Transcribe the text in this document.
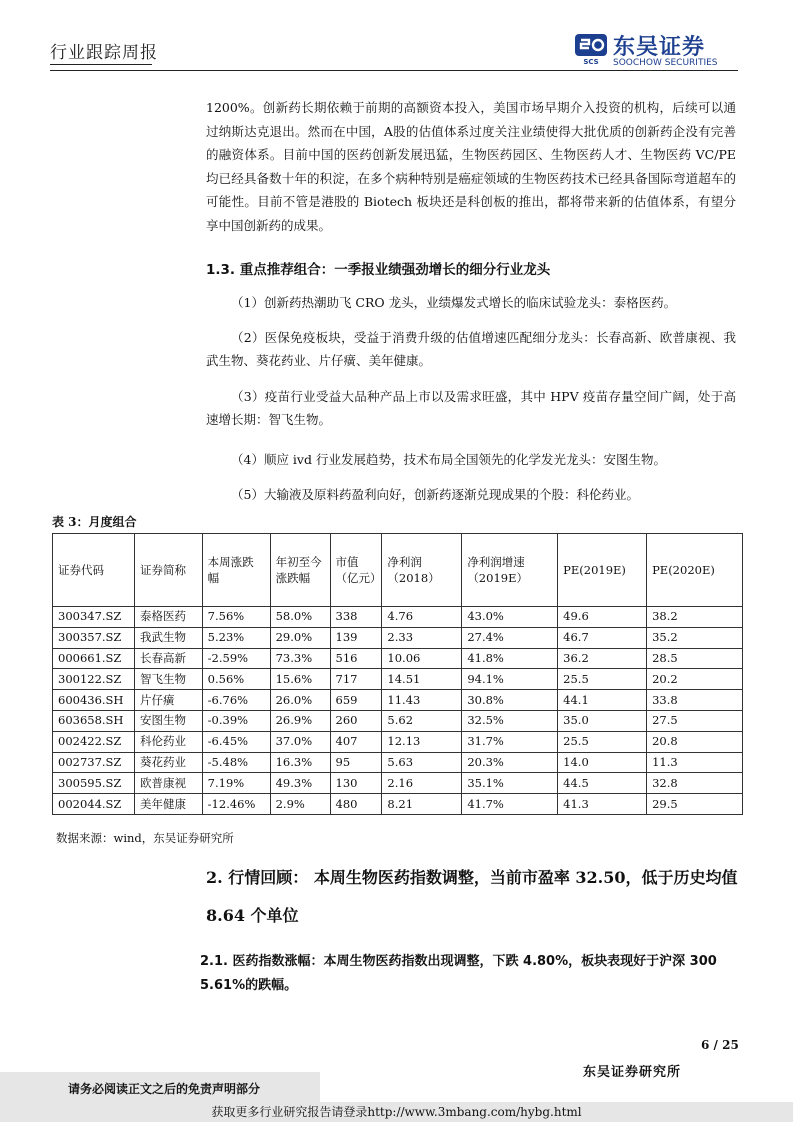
行业跟踪周报	SCS
东吴证券
SOOCHOW SECURITIES
1200%。创新药长期依赖于前期的高额资本投入，美国市场早期介入投资的机构，后续可以通过纳斯达克退出。然而在中国，A股的估值体系过度关注业绩使得大批优质的创新药企没有完善的融资体系。目前中国的医药创新发展迅猛，生物医药园区、生物医药人才、生物医药 VC/PE 均已经具备数十年的积淀，在多个病种特别是癌症领域的生物医药技术已经具备国际弯道超车的可能性。目前不管是港股的 Biotech 板块还是科创板的推出，都将带来新的估值体系，有望分享中国创新药的成果。
1.3. 重点推荐组合：一季报业绩强劲增长的细分行业龙头
（1）创新药热潮助飞 CRO 龙头，业绩爆发式增长的临床试验龙头：泰格医药。
（2）医保免疫板块，受益于消费升级的估值增速匹配细分龙头：长春高新、欧普康视、我武生物、葵花药业、片仔癀、美年健康。
（3）疫苗行业受益大品种产品上市以及需求旺盛，其中 HPV 疫苗存量空间广阔，处于高速增长期：智飞生物。
（4）顺应 ivd 行业发展趋势，技术布局全国领先的化学发光龙头：安图生物。
（5）大输液及原料药盈利向好，创新药逐渐兑现成果的个股：科伦药业。
表 3：月度组合
证券代码	证券简称	本周涨跌幅	年初至今涨跌幅	市值（亿元）	净利润（2018）	净利润增速（2019E）	PE(2019E)	PE(2020E)
300347.SZ	泰格医药	7.56%	58.0%	338	4.76	43.0%	49.6	38.2
300357.SZ	我武生物	5.23%	29.0%	139	2.33	27.4%	46.7	35.2
000661.SZ	长春高新	-2.59%	73.3%	516	10.06	41.8%	36.2	28.5
300122.SZ	智飞生物	0.56%	15.6%	717	14.51	94.1%	25.5	20.2
600436.SH	片仔癀	-6.76%	26.0%	659	11.43	30.8%	44.1	33.8
603658.SH	安图生物	-0.39%	26.9%	260	5.62	32.5%	35.0	27.5
002422.SZ	科伦药业	-6.45%	37.0%	407	12.13	31.7%	25.5	20.8
002737.SZ	葵花药业	-5.48%	16.3%	95	5.63	20.3%	14.0	11.3
300595.SZ	欧普康视	7.19%	49.3%	130	2.16	35.1%	44.5	32.8
002044.SZ	美年健康	-12.46%	2.9%	480	8.21	41.7%	41.3	29.5
数据来源：wind，东吴证券研究所
2. 行情回顾： 本周生物医药指数调整，当前市盈率 32.50，低于历史均值 8.64 个单位
2.1. 医药指数涨幅：本周生物医药指数出现调整，下跌 4.80%，板块表现好于沪深 300 5.61%的跌幅。
6 / 25
东吴证券研究所
请务必阅读正文之后的免责声明部分
获取更多行业研究报告请登录http://www.3mbang.com/hybg.html
